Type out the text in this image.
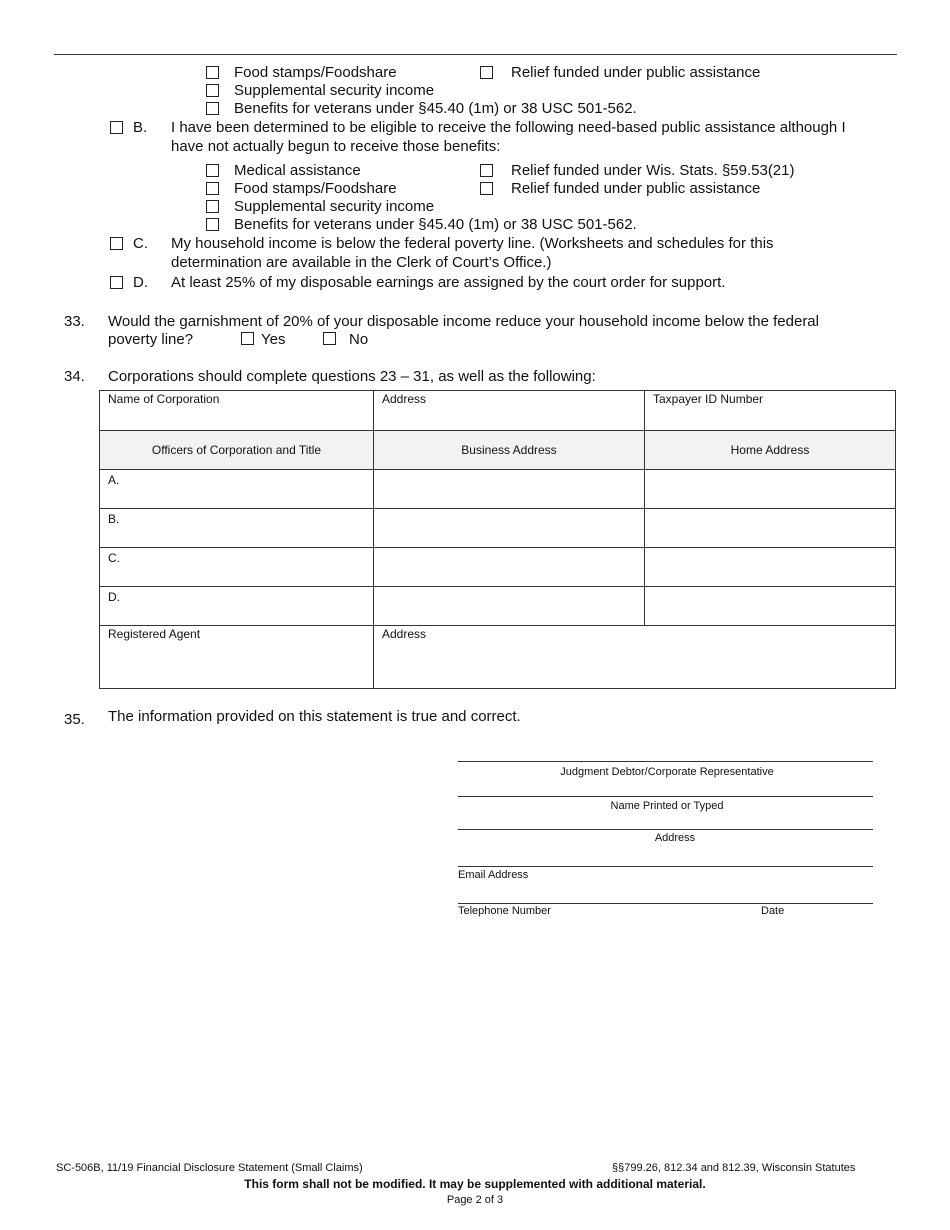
Food stamps/Foodshare	Relief funded under public assistance
Supplemental security income
Benefits for veterans under §45.40 (1m) or 38 USC 501-562.
B. I have been determined to be eligible to receive the following need-based public assistance although I
have not actually begun to receive those benefits:
Medical assistance	Relief funded under Wis. Stats. §59.53(21)
Food stamps/Foodshare	Relief funded under public assistance
Supplemental security income
Benefits for veterans under §45.40 (1m) or 38 USC 501-562.
C. My household income is below the federal poverty line. (Worksheets and schedules for this
determination are available in the Clerk of Court’s Office.)
D. At least 25% of my disposable earnings are assigned by the court order for support.
33. Would the garnishment of 20% of your disposable income reduce your household income below the federal
poverty line?	Yes	No
34. Corporations should complete questions 23 – 31, as well as the following:
Name of Corporation	Address	Taxpayer ID Number

Officers of Corporation and Title	Business Address	Home Address

A.		

B.		

C.		

D.		

Registered Agent	Address	
35. The information provided on this statement is true and correct.
Judgment Debtor/Corporate Representative
Name Printed or Typed
Address
Email Address
Telephone Number	Date
SC-506B, 11/19 Financial Disclosure Statement (Small Claims)	§§799.26, 812.34 and 812.39, Wisconsin Statutes
This form shall not be modified. It may be supplemented with additional material.
Page 2 of 3
